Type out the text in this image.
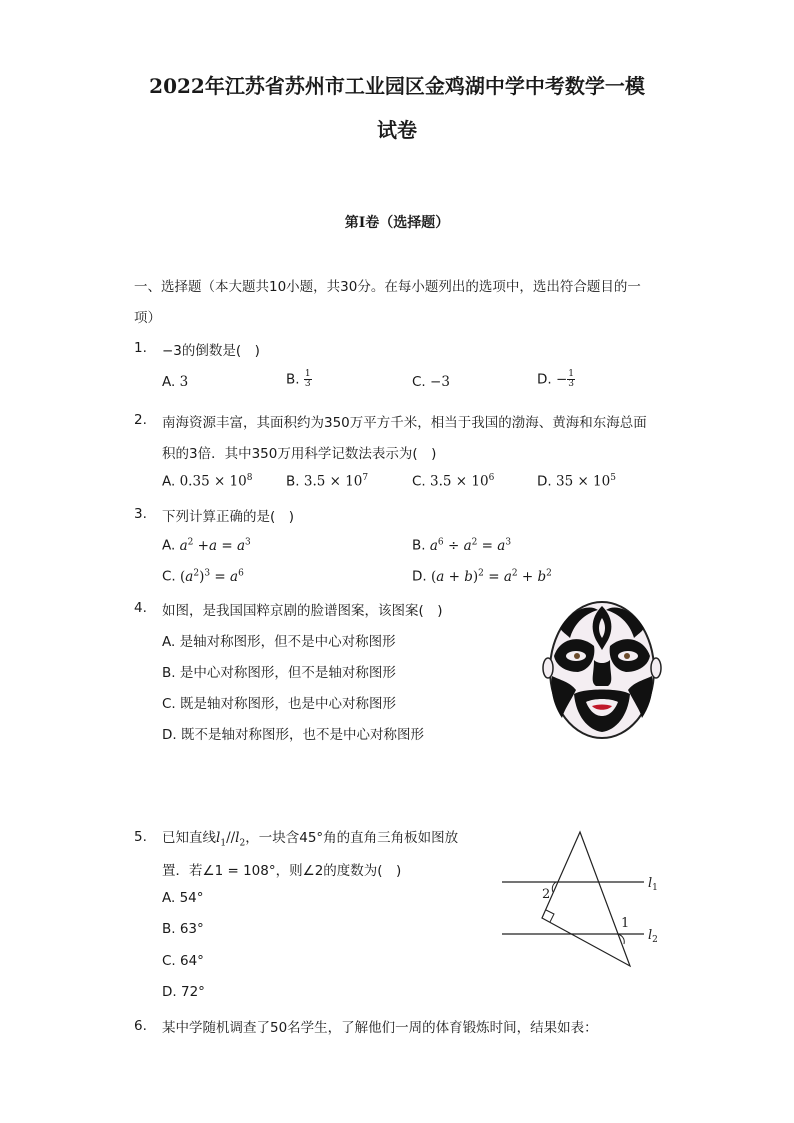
2022年江苏省苏州市工业园区金鸡湖中学中考数学一模
试卷
第I卷（选择题）
一、选择题（本大题共10小题，共30分。在每小题列出的选项中，选出符合题目的一
项）
1. −3的倒数是(　)
A. 3	B. $\frac{1}{3}$	C. −3	D. − $\frac{1}{3}$
2. 南海资源丰富，其面积约为350万平方千米，相当于我国的渤海、黄海和东海总面
积的3倍．其中350万用科学记数法表示为(　)
A. $0.35 \times 10^8$ B. $3.5 \times 10^7$	C. $3.5 \times 10^6$	D. $35 \times 10^5$
3. 下列计算正确的是(　)
A. $a^2 +a = a^3$	B. $a^6 \div a^2 = a^3$
C. $(a^2)^3 = a^6$	D. $(a + b)^2 = a^2 + b^2$
4. 如图，是我国国粹京剧的脸谱图案，该图案(　)
A. 是轴对称图形，但不是中心对称图形
B. 是中心对称图形，但不是轴对称图形
C. 既是轴对称图形，也是中心对称图形
D. 既不是轴对称图形，也不是中心对称图形
5. 已知直线$l_1//l_2$，一块含45°角的直角三角板如图放
置．若∠1 = 108°，则∠2的度数为(　)
A. 54°
B. 63°
C. 64°
D. 72°
2
1
$l_1$
$l_2$
6. 某中学随机调查了50名学生，了解他们一周的体育锻炼时间，结果如表：
